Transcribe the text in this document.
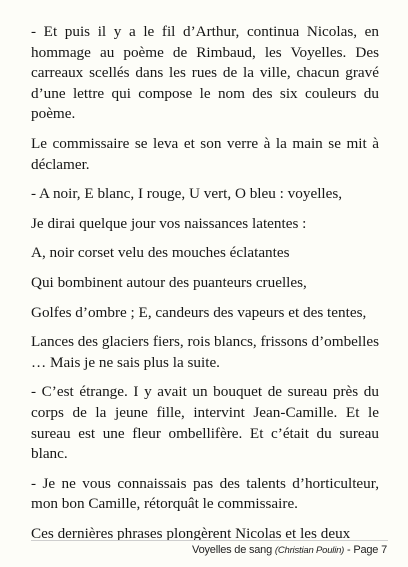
- Et puis il y a le fil d’Arthur, continua Nicolas, en hommage au poème de Rimbaud, les Voyelles. Des carreaux scellés dans les rues de la ville, chacun gravé d’une lettre qui compose le nom des six couleurs du poème.

Le commissaire se leva et son verre à la main se mit à déclamer.

- A noir, E blanc, I rouge, U vert, O bleu : voyelles,

Je dirai quelque jour vos naissances latentes :

A, noir corset velu des mouches éclatantes

Qui bombinent autour des puanteurs cruelles,

Golfes d’ombre ; E, candeurs des vapeurs et des tentes,

Lances des glaciers fiers, rois blancs, frissons d’ombelles … Mais je ne sais plus la suite.

- C’est étrange. I y avait un bouquet de sureau près du corps de la jeune fille, intervint Jean-Camille. Et le sureau est une fleur ombellifère. Et c’était du sureau blanc.

- Je ne vous connaissais pas des talents d’horticulteur, mon bon Camille, rétorquât le commissaire.

Ces dernières phrases plongèrent Nicolas et les deux

Voyelles de sang (Christian Poulin) - Page 7
